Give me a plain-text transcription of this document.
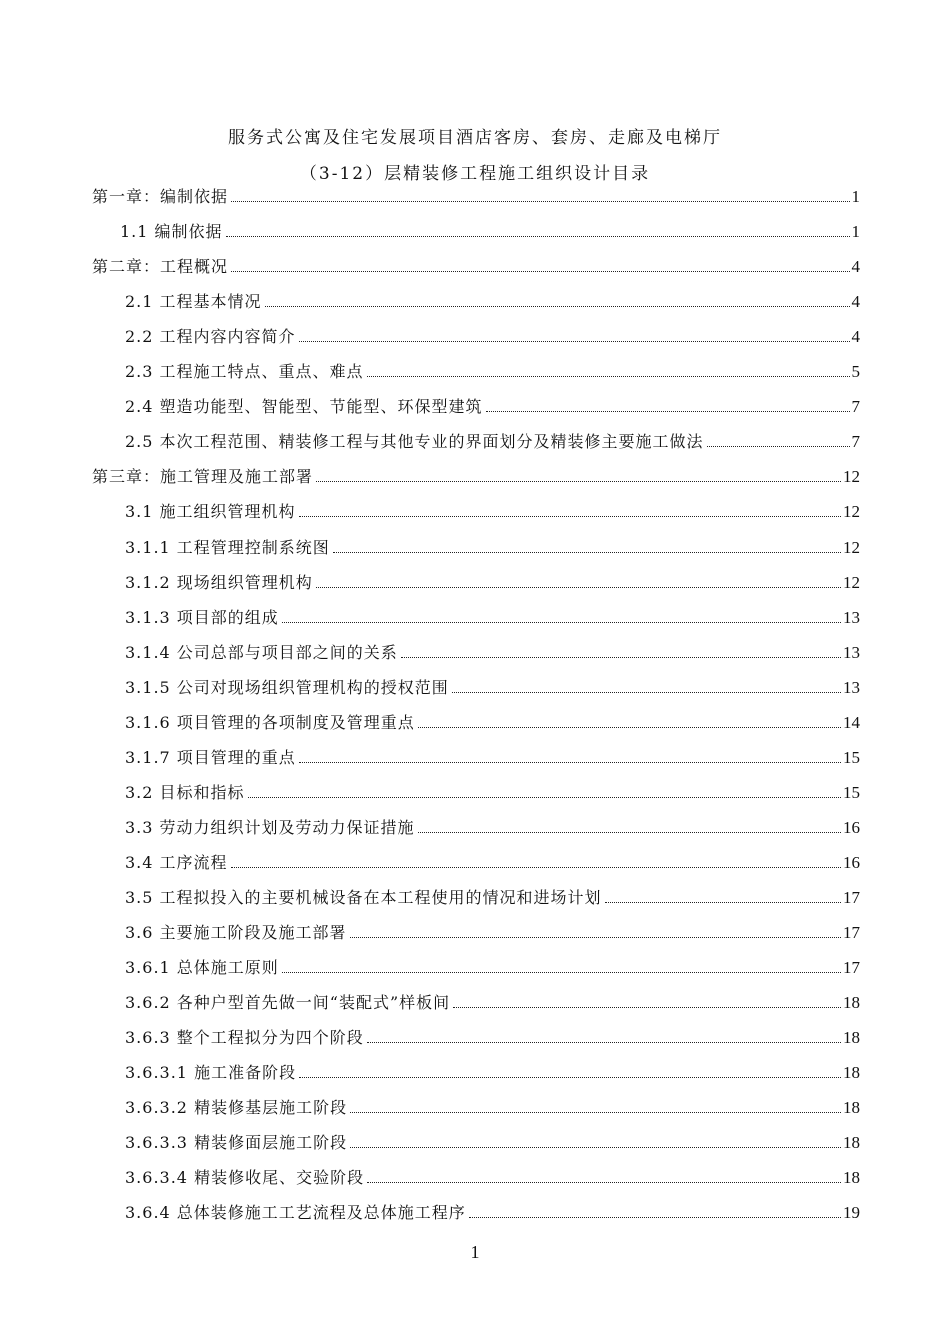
服务式公寓及住宅发展项目酒店客房、套房、走廊及电梯厅
（3-12）层精装修工程施工组织设计目录
第一章：编制依据	1
1.1 编制依据	1
第二章：工程概况	4
2.1 工程基本情况	4
2.2 工程内容内容简介	4
2.3 工程施工特点、重点、难点	5
2.4 塑造功能型、智能型、节能型、环保型建筑	7
2.5 本次工程范围、精装修工程与其他专业的界面划分及精装修主要施工做法	7
第三章：施工管理及施工部署	12
3.1 施工组织管理机构	12
3.1.1 工程管理控制系统图	12
3.1.2 现场组织管理机构	12
3.1.3 项目部的组成	13
3.1.4 公司总部与项目部之间的关系	13
3.1.5 公司对现场组织管理机构的授权范围	13
3.1.6 项目管理的各项制度及管理重点	14
3.1.7 项目管理的重点	15
3.2 目标和指标	15
3.3 劳动力组织计划及劳动力保证措施	16
3.4 工序流程	16
3.5 工程拟投入的主要机械设备在本工程使用的情况和进场计划	17
3.6 主要施工阶段及施工部署	17
3.6.1 总体施工原则	17
3.6.2 各种户型首先做一间“装配式”样板间	18
3.6.3 整个工程拟分为四个阶段	18
3.6.3.1 施工准备阶段	18
3.6.3.2 精装修基层施工阶段	18
3.6.3.3 精装修面层施工阶段	18
3.6.3.4 精装修收尾、交验阶段	18
3.6.4 总体装修施工工艺流程及总体施工程序	19
1
